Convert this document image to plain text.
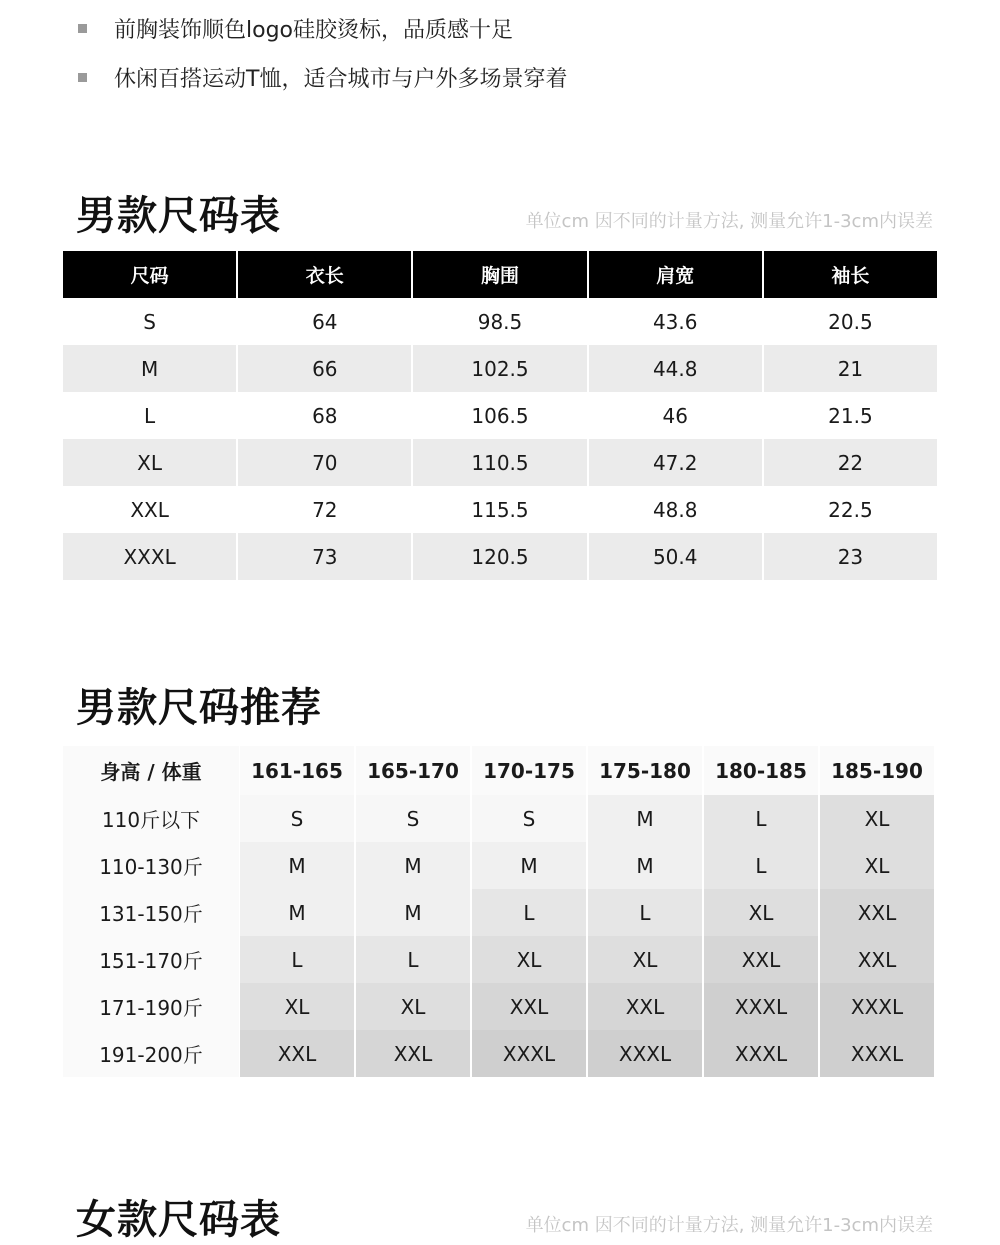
前胸装饰顺色logo硅胶烫标，品质感十足
休闲百搭运动T恤，适合城市与户外多场景穿着
男款尺码表	单位cm 因不同的计量方法, 测量允许1-3cm内误差
尺码	衣长	胸围	肩宽	袖长
S	64	98.5	43.6	20.5
M	66	102.5	44.8	21
L	68	106.5	46	21.5
XL	70	110.5	47.2	22
XXL	72	115.5	48.8	22.5
XXXL	73	120.5	50.4	23
男款尺码推荐
身高 / 体重	161-165	165-170	170-175	175-180	180-185	185-190
110斤以下	S	S	S	M	L	XL
110-130斤	M	M	M	M	L	XL
131-150斤	M	M	L	L	XL	XXL
151-170斤	L	L	XL	XL	XXL	XXL
171-190斤	XL	XL	XXL	XXL	XXXL	XXXL
191-200斤	XXL	XXL	XXXL	XXXL	XXXL	XXXL
女款尺码表	单位cm 因不同的计量方法, 测量允许1-3cm内误差
